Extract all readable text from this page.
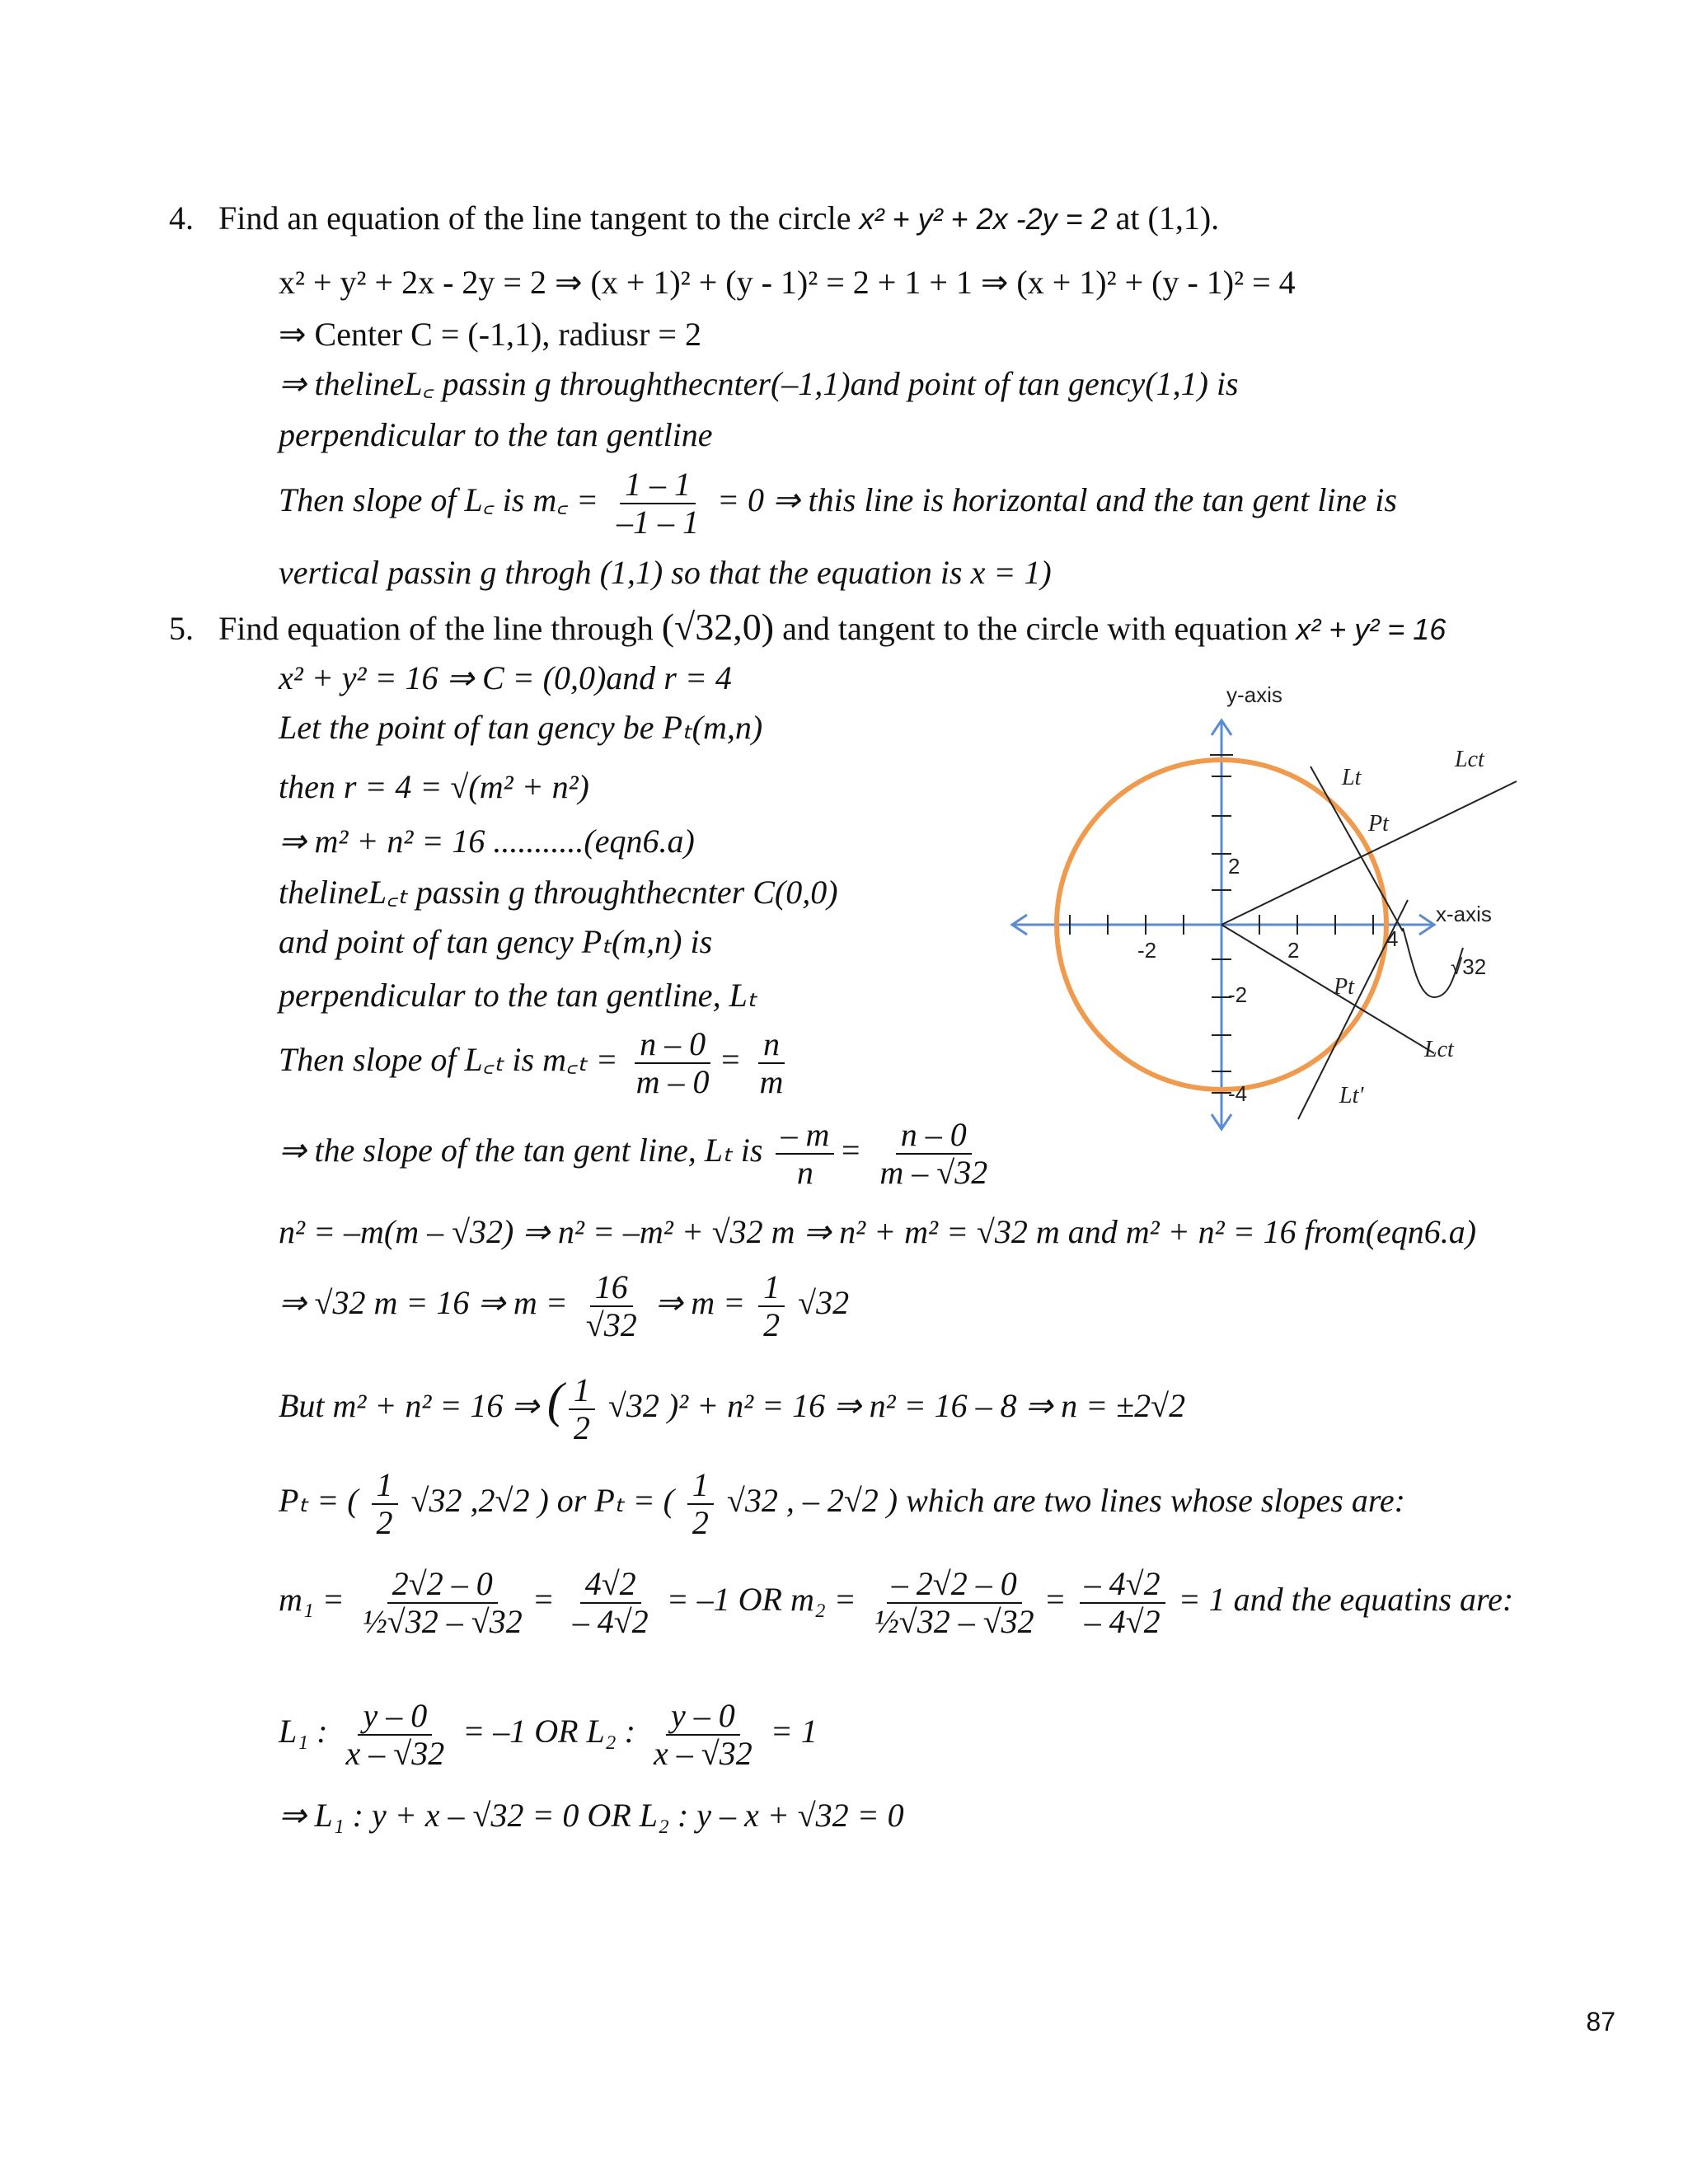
4. Find an equation of the line tangent to the circle x² + y² + 2x -2y = 2 at (1,1).
x² + y² + 2x - 2y = 2 ⇒ (x + 1)² + (y - 1)² = 2 + 1 + 1 ⇒ (x + 1)² + (y - 1)² = 4
⇒ Center C = (-1,1), radiusr = 2
⇒ thelineL꜀ passin g throughthecnter(–1,1)and point of tan gency(1,1) is
perpendicular to the tan gentline
Then slope of L꜀ is m꜀ = $\frac{1 - 1}{-1 - 1} = 0$ ⇒ this line is horizontal and the tan gent line is
vertical passin g throgh (1,1) so that the equation is x = 1)
5. Find equation of the line through (√32,0) and tangent to the circle with equation x² + y² = 16
x² + y² = 16 ⇒ C = (0,0)and r = 4
Let the point of tan gency be Pₜ(m,n)
then r = 4 = √(m² + n²)
⇒ m² + n² = 16 ...........(eqn6.a)
thelineL꜀ₜ passin g throughthecnter C(0,0)
and point of tan gency Pₜ(m,n) is
perpendicular to the tan gentline, Lₜ
Then slope of L꜀ₜ is m꜀ₜ = $\frac{n - 0}{m - 0} = \frac{n}{m}$
⇒ the slope of the tan gent line, Lₜ is $\frac{- m}{n} = \frac{n - 0}{m - √32}$
n² = –m(m – √32) ⇒ n² = –m² + √32 m ⇒ n² + m² = √32 m and m² + n² = 16 from(eqn6.a)
⇒ √32 m = 16 ⇒ $m = \frac{16}{√32}$ ⇒ $m = \frac{1}{2} √32$
But m² + n² = 16 ⇒ ( $\frac{1}{2} √32$ )² + n² = 16 ⇒ n² = 16 – 8 ⇒ n = ±2√2
Pₜ = ( $\frac{1}{2} √32$ ,2√2 ) or Pₜ = ( $\frac{1}{2} √32$ , – 2√2 ) which are two lines whose slopes are:
$m_1 = \frac{2√2 - 0}{\text{½√32 – √32}} = \frac{4√2}{- 4√2} = -1$ OR $m_2 = \frac{- 2√2 - 0}{\text{½√32 – √32}} = \frac{- 4√2}{- 4√2} = 1$ and the equatins are:
L₁ : $\frac{y - 0}{x - √32} = -1$ OR L₂ : $\frac{y - 0}{x - √32} = 1$
⇒ L₁ : y + x – √32 = 0 OR L₂ : y – x + √32 = 0
y-axis
x-axis
-2	2	4
2
-2
-4
√32
Lct
Lt
Pt
Pt
Lct
Lt'
87
